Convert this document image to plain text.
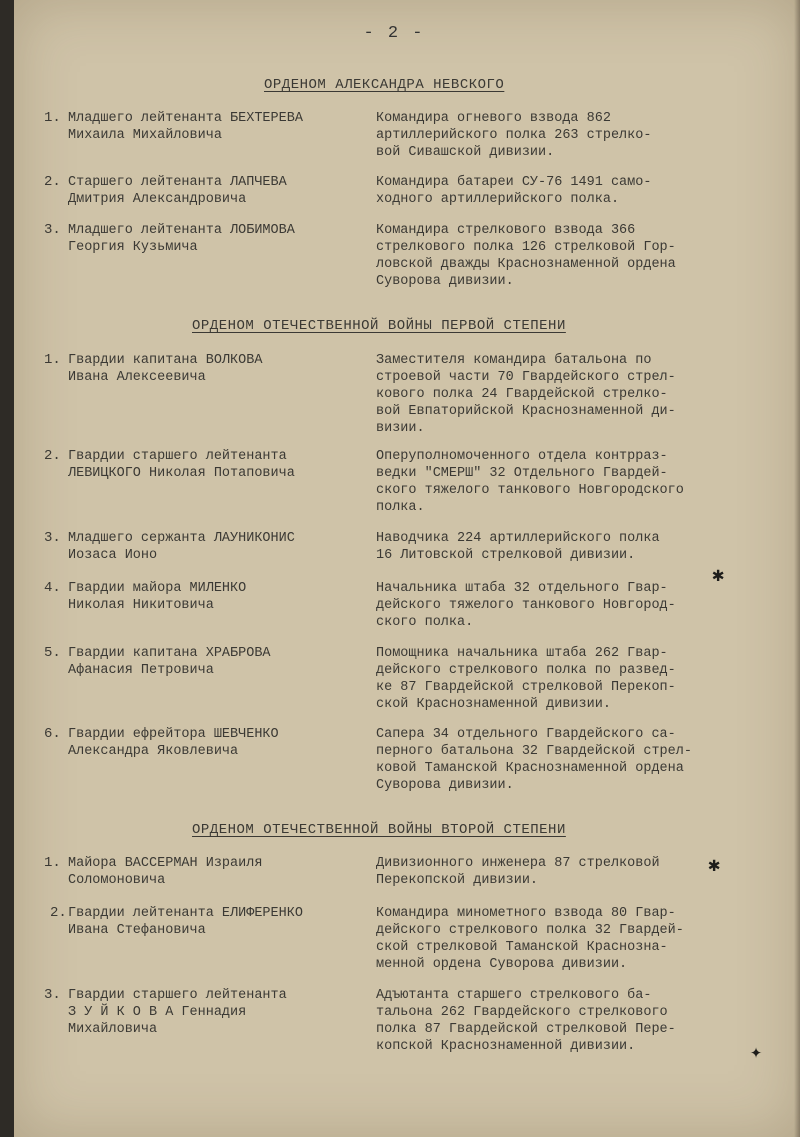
- 2 -
ОРДЕНОМ АЛЕКСАНДРА НЕВСКОГО
1. Младшего лейтенанта БЕХТЕРЕВА
Михаила Михайловича
Командира огневого взвода 862
артиллерийского полка 263 стрелко-
вой Сивашской дивизии.
2. Старшего лейтенанта ЛАПЧЕВА
Дмитрия Александровича
Командира батареи СУ-76 1491 само-
ходного артиллерийского полка.
3. Младшего лейтенанта ЛОБИМОВА
Георгия Кузьмича
Командира стрелкового взвода 366
стрелкового полка 126 стрелковой Гор-
ловской дважды Краснознаменной ордена
Суворова дивизии.
ОРДЕНОМ ОТЕЧЕСТВЕННОЙ ВОЙНЫ ПЕРВОЙ СТЕПЕНИ
1. Гвардии капитана ВОЛКОВА
Ивана Алексеевича
Заместителя командира батальона по
строевой части 70 Гвардейского стрел-
кового полка 24 Гвардейской стрелко-
вой Евпаторийской Краснознаменной ди-
визии.
2. Гвардии старшего лейтенанта
ЛЕВИЦКОГО Николая Потаповича
Оперуполномоченного отдела контрраз-
ведки "СМЕРШ" 32 Отдельного Гвардей-
ского тяжелого танкового Новгородского
полка.
3. Младшего сержанта ЛАУНИКОНИС
Иозаса Ионо
Наводчика 224 артиллерийского полка
16 Литовской стрелковой дивизии.
4. Гвардии майора МИЛЕНКО
Николая Никитовича
Начальника штаба 32 отдельного Гвар-
дейского тяжелого танкового Новгород-
ского полка.
5. Гвардии капитана ХРАБРОВА
Афанасия Петровича
Помощника начальника штаба 262 Гвар-
дейского стрелкового полка по развед-
ке 87 Гвардейской стрелковой Перекоп-
ской Краснознаменной дивизии.
6. Гвардии ефрейтора ШЕВЧЕНКО
Александра Яковлевича
Сапера 34 отдельного Гвардейского са-
перного батальона 32 Гвардейской стрел-
ковой Таманской Краснознаменной ордена
Суворова дивизии.
ОРДЕНОМ ОТЕЧЕСТВЕННОЙ ВОЙНЫ ВТОРОЙ СТЕПЕНИ
1. Майора ВАССЕРМАН Израиля
Соломоновича
Дивизионного инженера 87 стрелковой
Перекопской дивизии.
2. Гвардии лейтенанта ЕЛИФЕРЕНКО
Ивана Стефановича
Командира минометного взвода 80 Гвар-
дейского стрелкового полка 32 Гвардей-
ской стрелковой Таманской Краснозна-
менной ордена Суворова дивизии.
3. Гвардии старшего лейтенанта
З У Й К О В А Геннадия
Михайловича
Адъютанта старшего стрелкового ба-
тальона 262 Гвардейского стрелкового
полка 87 Гвардейской стрелковой Пере-
копской Краснознаменной дивизии.
✱
✱
✦
